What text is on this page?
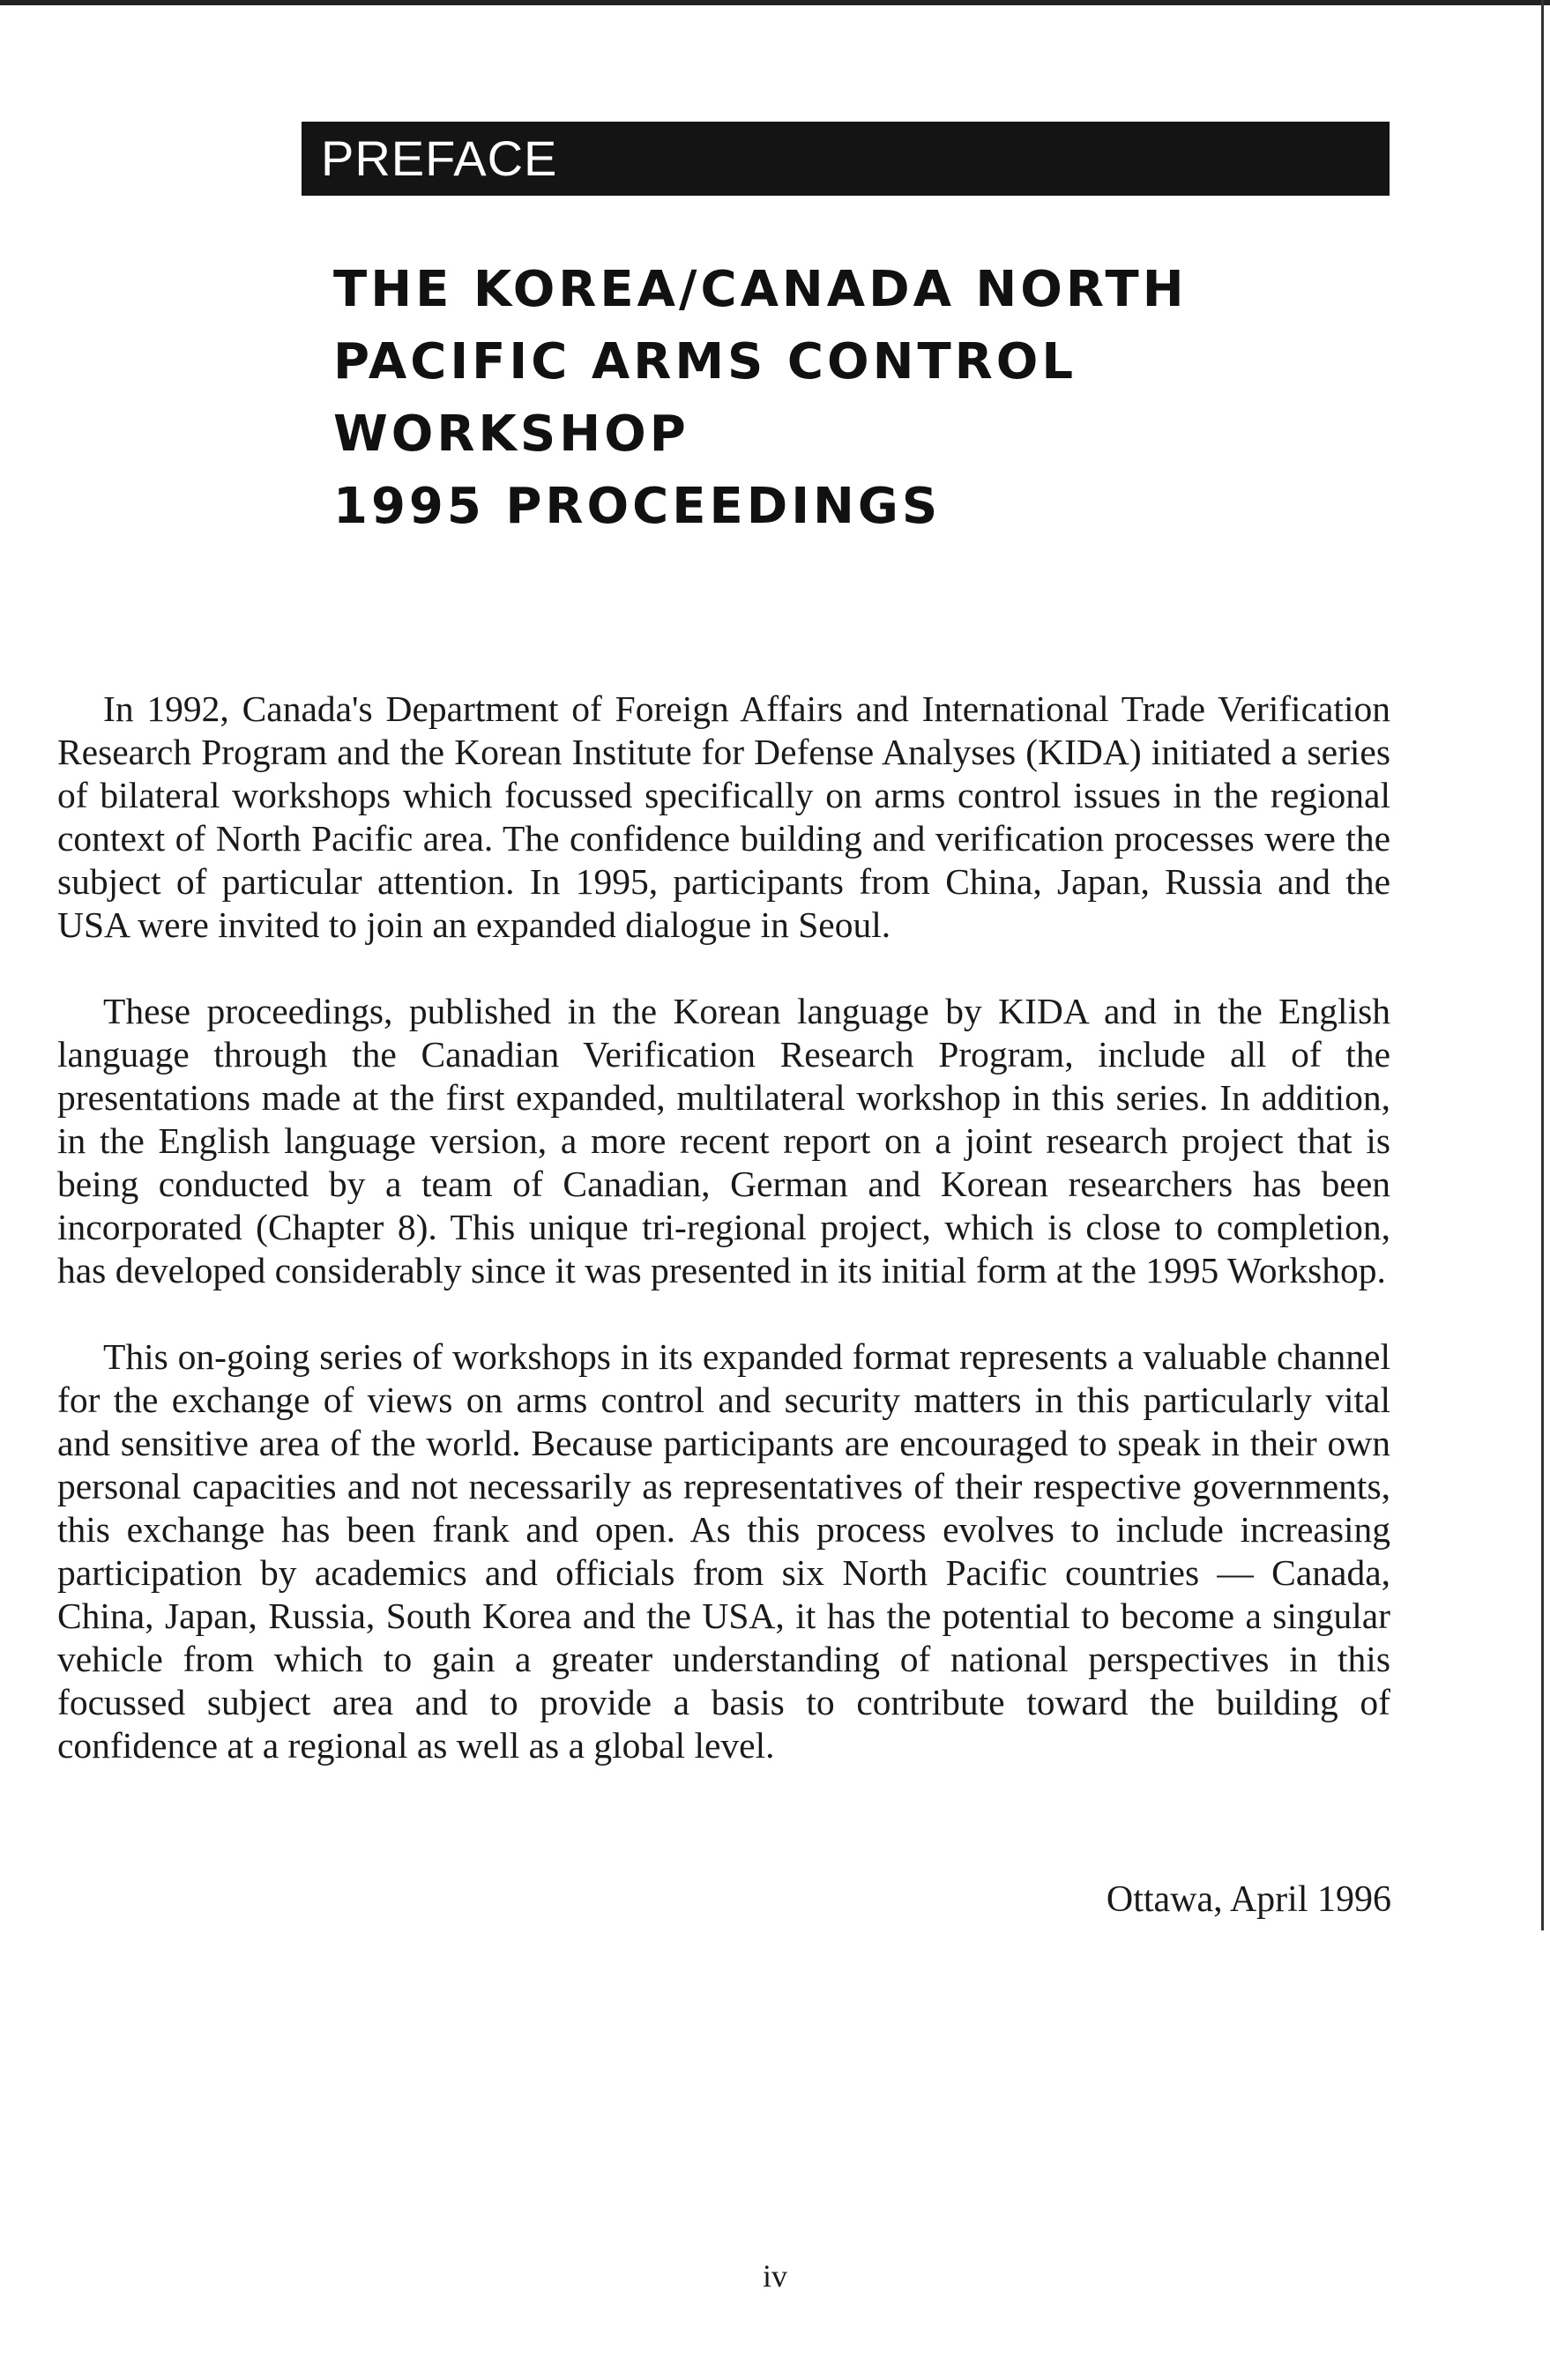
PREFACE
THE KOREA/CANADA NORTH
PACIFIC ARMS CONTROL
WORKSHOP
1995 PROCEEDINGS

In 1992, Canada's Department of Foreign Affairs and International Trade Verification Research Program and the Korean Institute for Defense Analyses (KIDA) initiated a series of bilateral workshops which focussed specifically on arms control issues in the regional context of North Pacific area. The confidence building and verification processes were the subject of particular attention. In 1995, participants from China, Japan, Russia and the USA were invited to join an expanded dialogue in Seoul.

These proceedings, published in the Korean language by KIDA and in the English language through the Canadian Verification Research Program, include all of the presentations made at the first expanded, multilateral workshop in this series. In addition, in the English language version, a more recent report on a joint research project that is being conducted by a team of Canadian, German and Korean researchers has been incorporated (Chapter 8). This unique tri-regional project, which is close to completion, has developed considerably since it was presented in its initial form at the 1995 Workshop.

This on-going series of workshops in its expanded format represents a valuable channel for the exchange of views on arms control and security matters in this particularly vital and sensitive area of the world. Because participants are encouraged to speak in their own personal capacities and not necessarily as representatives of their respective governments, this exchange has been frank and open. As this process evolves to include increasing participation by academics and officials from six North Pacific countries — Canada, China, Japan, Russia, South Korea and the USA, it has the potential to become a singular vehicle from which to gain a greater understanding of national perspectives in this focussed subject area and to provide a basis to contribute toward the building of confidence at a regional as well as a global level.

Ottawa, April 1996
iv
